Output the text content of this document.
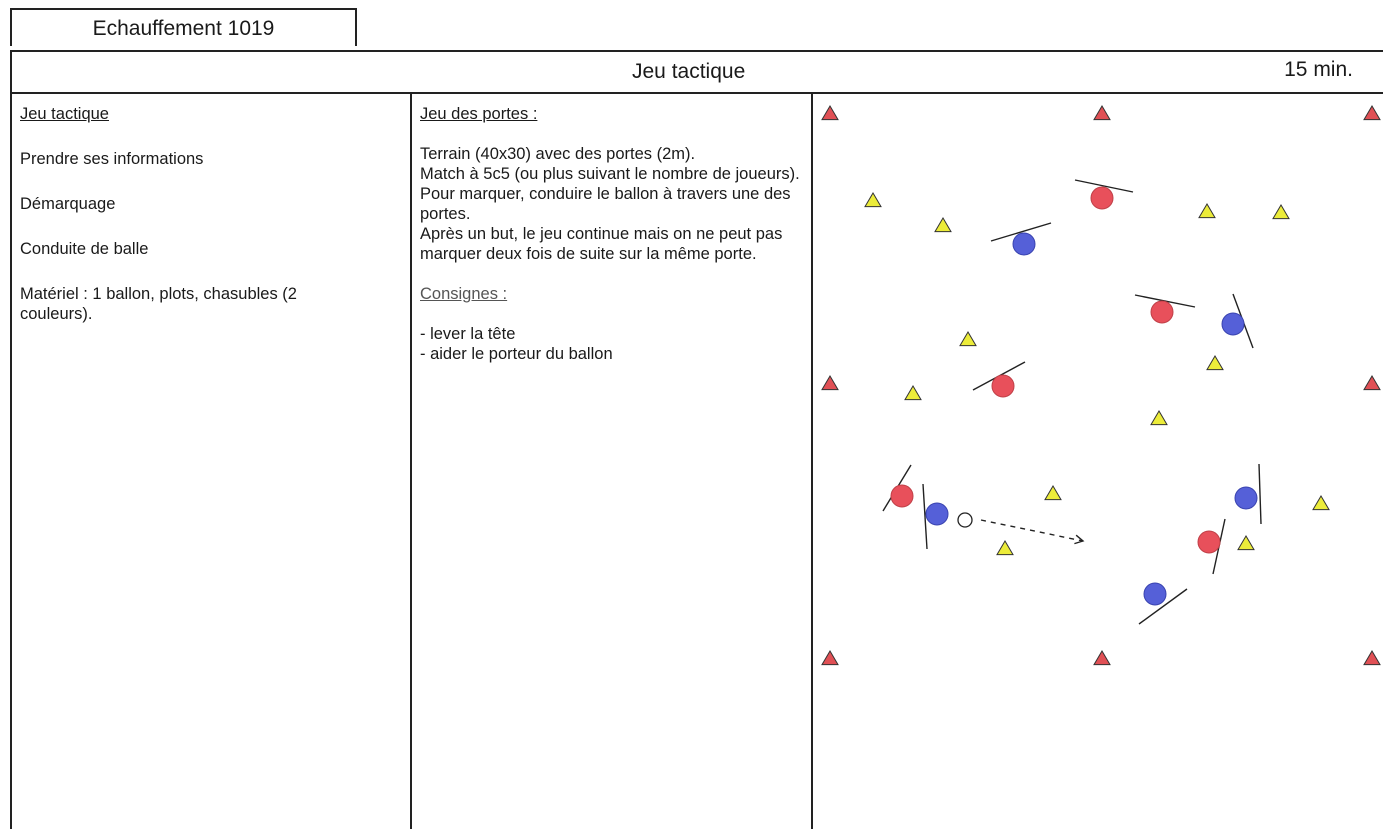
Echauffement 1019
Jeu tactique	15 min.

Jeu tactique

Prendre ses informations

Démarquage

Conduite de balle

Matériel : 1 ballon, plots, chasubles (2 couleurs).

Jeu des portes :

Terrain (40x30) avec des portes (2m).

Match à 5c5 (ou plus suivant le nombre de joueurs).

Pour marquer, conduire le ballon à travers une des portes.

Après un but, le jeu continue mais on ne peut pas marquer deux fois de suite sur la même porte.

Consignes :

- lever la tête

- aider le porteur du ballon
